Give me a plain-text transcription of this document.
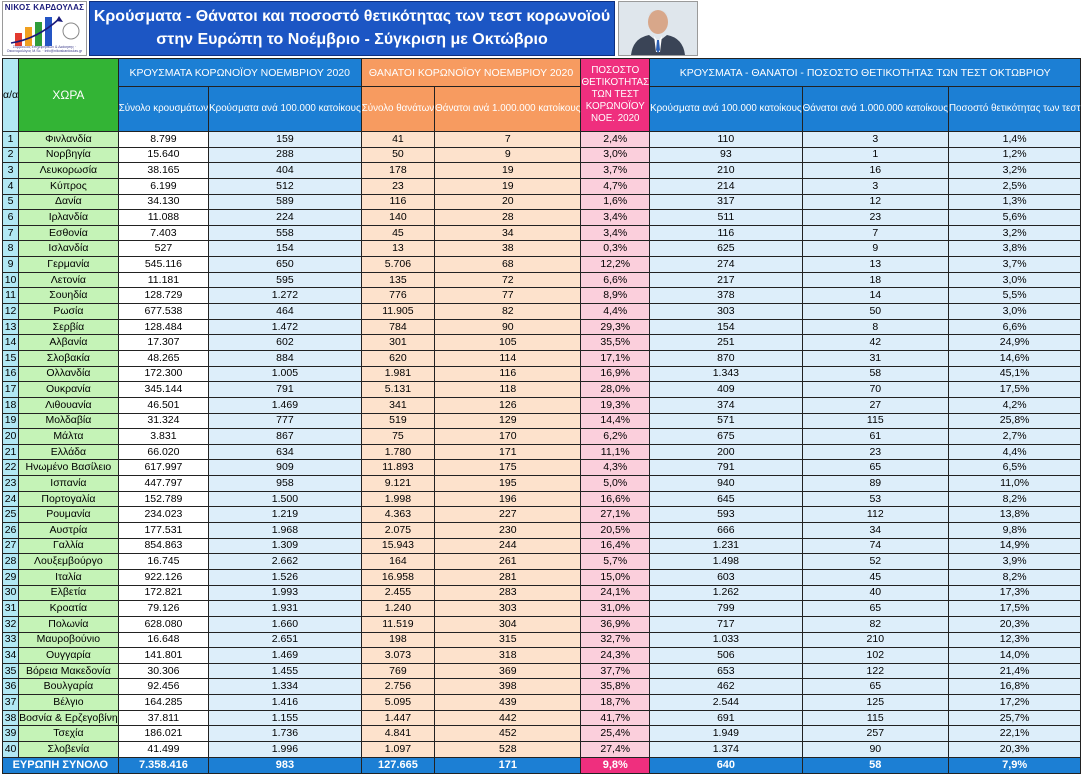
ΝΙΚΟΣ ΚΑΡΔΟΥΛΑΣ
Σύμβουλος Επιχειρήσεων & Διοίκησης · Οικονομολόγος Μ.Sc. · info@nikoskardoulas.gr
Κρούσματα - Θάνατοι και ποσοστό θετικότητας των τεστ κορωνοϊού
στην Ευρώπη το Νοέμβριο - Σύγκριση με Οκτώβριο
α/α	ΧΩΡΑ	ΚΡΟΥΣΜΑΤΑ ΚΟΡΩΝΟΪΟΥ ΝΟΕΜΒΡΙΟΥ 2020		ΘΑΝΑΤΟΙ ΚΟΡΩΝΟΪΟΥ ΝΟΕΜΒΡΙΟΥ 2020		ΠΟΣΟΣΤΟ ΘΕΤΙΚΟΤΗΤΑΣ ΤΩΝ ΤΕΣΤ ΚΟΡΩΝΟΪΟΥ ΝΟΕ. 2020	ΚΡΟΥΣΜΑΤΑ - ΘΑΝΑΤΟΙ - ΠΟΣΟΣΤΟ ΘΕΤΙΚΟΤΗΤΑΣ ΤΩΝ ΤΕΣΤ ΟΚΤΩΒΡΙΟΥ		
		Σύνολο κρουσμάτων	Κρούσματα ανά 100.000 κατοίκους	Σύνολο θανάτων	Θάνατοι ανά 1.000.000 κατοίκους		Κρούσματα ανά 100.000 κατοίκους	Θάνατοι ανά 1.000.000 κατοίκους	Ποσοστό θετικότητας των τεστ
1	Φινλανδία	8.799	159	41	7	2,4%	110	3	1,4%
2	Νορβηγία	15.640	288	50	9	3,0%	93	1	1,2%
3	Λευκορωσία	38.165	404	178	19	3,7%	210	16	3,2%
4	Κύπρος	6.199	512	23	19	4,7%	214	3	2,5%
5	Δανία	34.130	589	116	20	1,6%	317	12	1,3%
6	Ιρλανδία	11.088	224	140	28	3,4%	511	23	5,6%
7	Εσθονία	7.403	558	45	34	3,4%	116	7	3,2%
8	Ισλανδία	527	154	13	38	0,3%	625	9	3,8%
9	Γερμανία	545.116	650	5.706	68	12,2%	274	13	3,7%
10	Λετονία	11.181	595	135	72	6,6%	217	18	3,0%
11	Σουηδία	128.729	1.272	776	77	8,9%	378	14	5,5%
12	Ρωσία	677.538	464	11.905	82	4,4%	303	50	3,0%
13	Σερβία	128.484	1.472	784	90	29,3%	154	8	6,6%
14	Αλβανία	17.307	602	301	105	35,5%	251	42	24,9%
15	Σλοβακία	48.265	884	620	114	17,1%	870	31	14,6%
16	Ολλανδία	172.300	1.005	1.981	116	16,9%	1.343	58	45,1%
17	Ουκρανία	345.144	791	5.131	118	28,0%	409	70	17,5%
18	Λιθουανία	46.501	1.469	341	126	19,3%	374	27	4,2%
19	Μολδαβία	31.324	777	519	129	14,4%	571	115	25,8%
20	Μάλτα	3.831	867	75	170	6,2%	675	61	2,7%
21	Ελλάδα	66.020	634	1.780	171	11,1%	200	23	4,4%
22	Ηνωμένο Βασίλειο	617.997	909	11.893	175	4,3%	791	65	6,5%
23	Ισπανία	447.797	958	9.121	195	5,0%	940	89	11,0%
24	Πορτογαλία	152.789	1.500	1.998	196	16,6%	645	53	8,2%
25	Ρουμανία	234.023	1.219	4.363	227	27,1%	593	112	13,8%
26	Αυστρία	177.531	1.968	2.075	230	20,5%	666	34	9,8%
27	Γαλλία	854.863	1.309	15.943	244	16,4%	1.231	74	14,9%
28	Λουξεμβούργο	16.745	2.662	164	261	5,7%	1.498	52	3,9%
29	Ιταλία	922.126	1.526	16.958	281	15,0%	603	45	8,2%
30	Ελβετία	172.821	1.993	2.455	283	24,1%	1.262	40	17,3%
31	Κροατία	79.126	1.931	1.240	303	31,0%	799	65	17,5%
32	Πολωνία	628.080	1.660	11.519	304	36,9%	717	82	20,3%
33	Μαυροβούνιο	16.648	2.651	198	315	32,7%	1.033	210	12,3%
34	Ουγγαρία	141.801	1.469	3.073	318	24,3%	506	102	14,0%
35	Βόρεια Μακεδονία	30.306	1.455	769	369	37,7%	653	122	21,4%
36	Βουλγαρία	92.456	1.334	2.756	398	35,8%	462	65	16,8%
37	Βέλγιο	164.285	1.416	5.095	439	18,7%	2.544	125	17,2%
38	Βοσνία & Ερζεγοβίνη	37.811	1.155	1.447	442	41,7%	691	115	25,7%
39	Τσεχία	186.021	1.736	4.841	452	25,4%	1.949	257	22,1%
40	Σλοβενία	41.499	1.996	1.097	528	27,4%	1.374	90	20,3%
ΕΥΡΩΠΗ ΣΥΝΟΛΟ		7.358.416	983	127.665	171	9,8%	640	58	7,9%
